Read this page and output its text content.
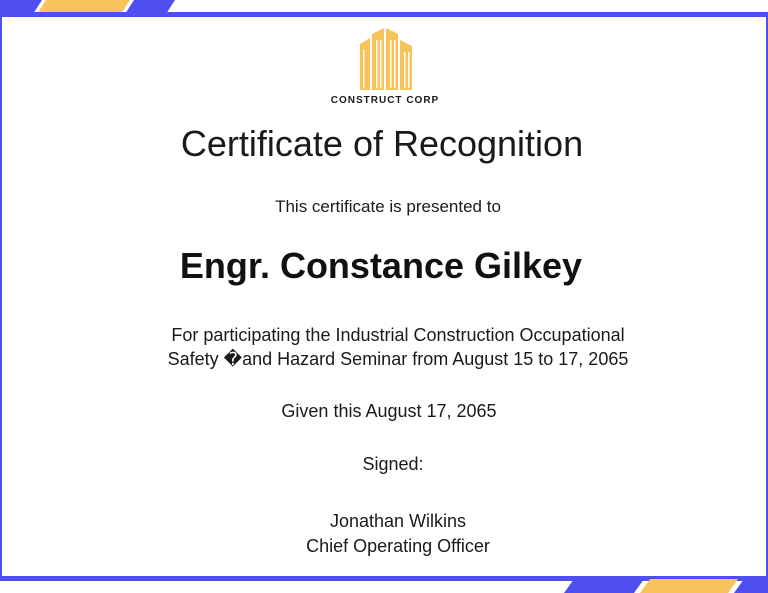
CONSTRUCT CORP
Certificate of Recognition
This certificate is presented to
Engr. Constance Gilkey
For participating the Industrial Construction Occupational
Safety �and Hazard Seminar from August 15 to 17, 2065
Given this August 17, 2065
Signed:
Jonathan Wilkins
Chief Operating Officer
